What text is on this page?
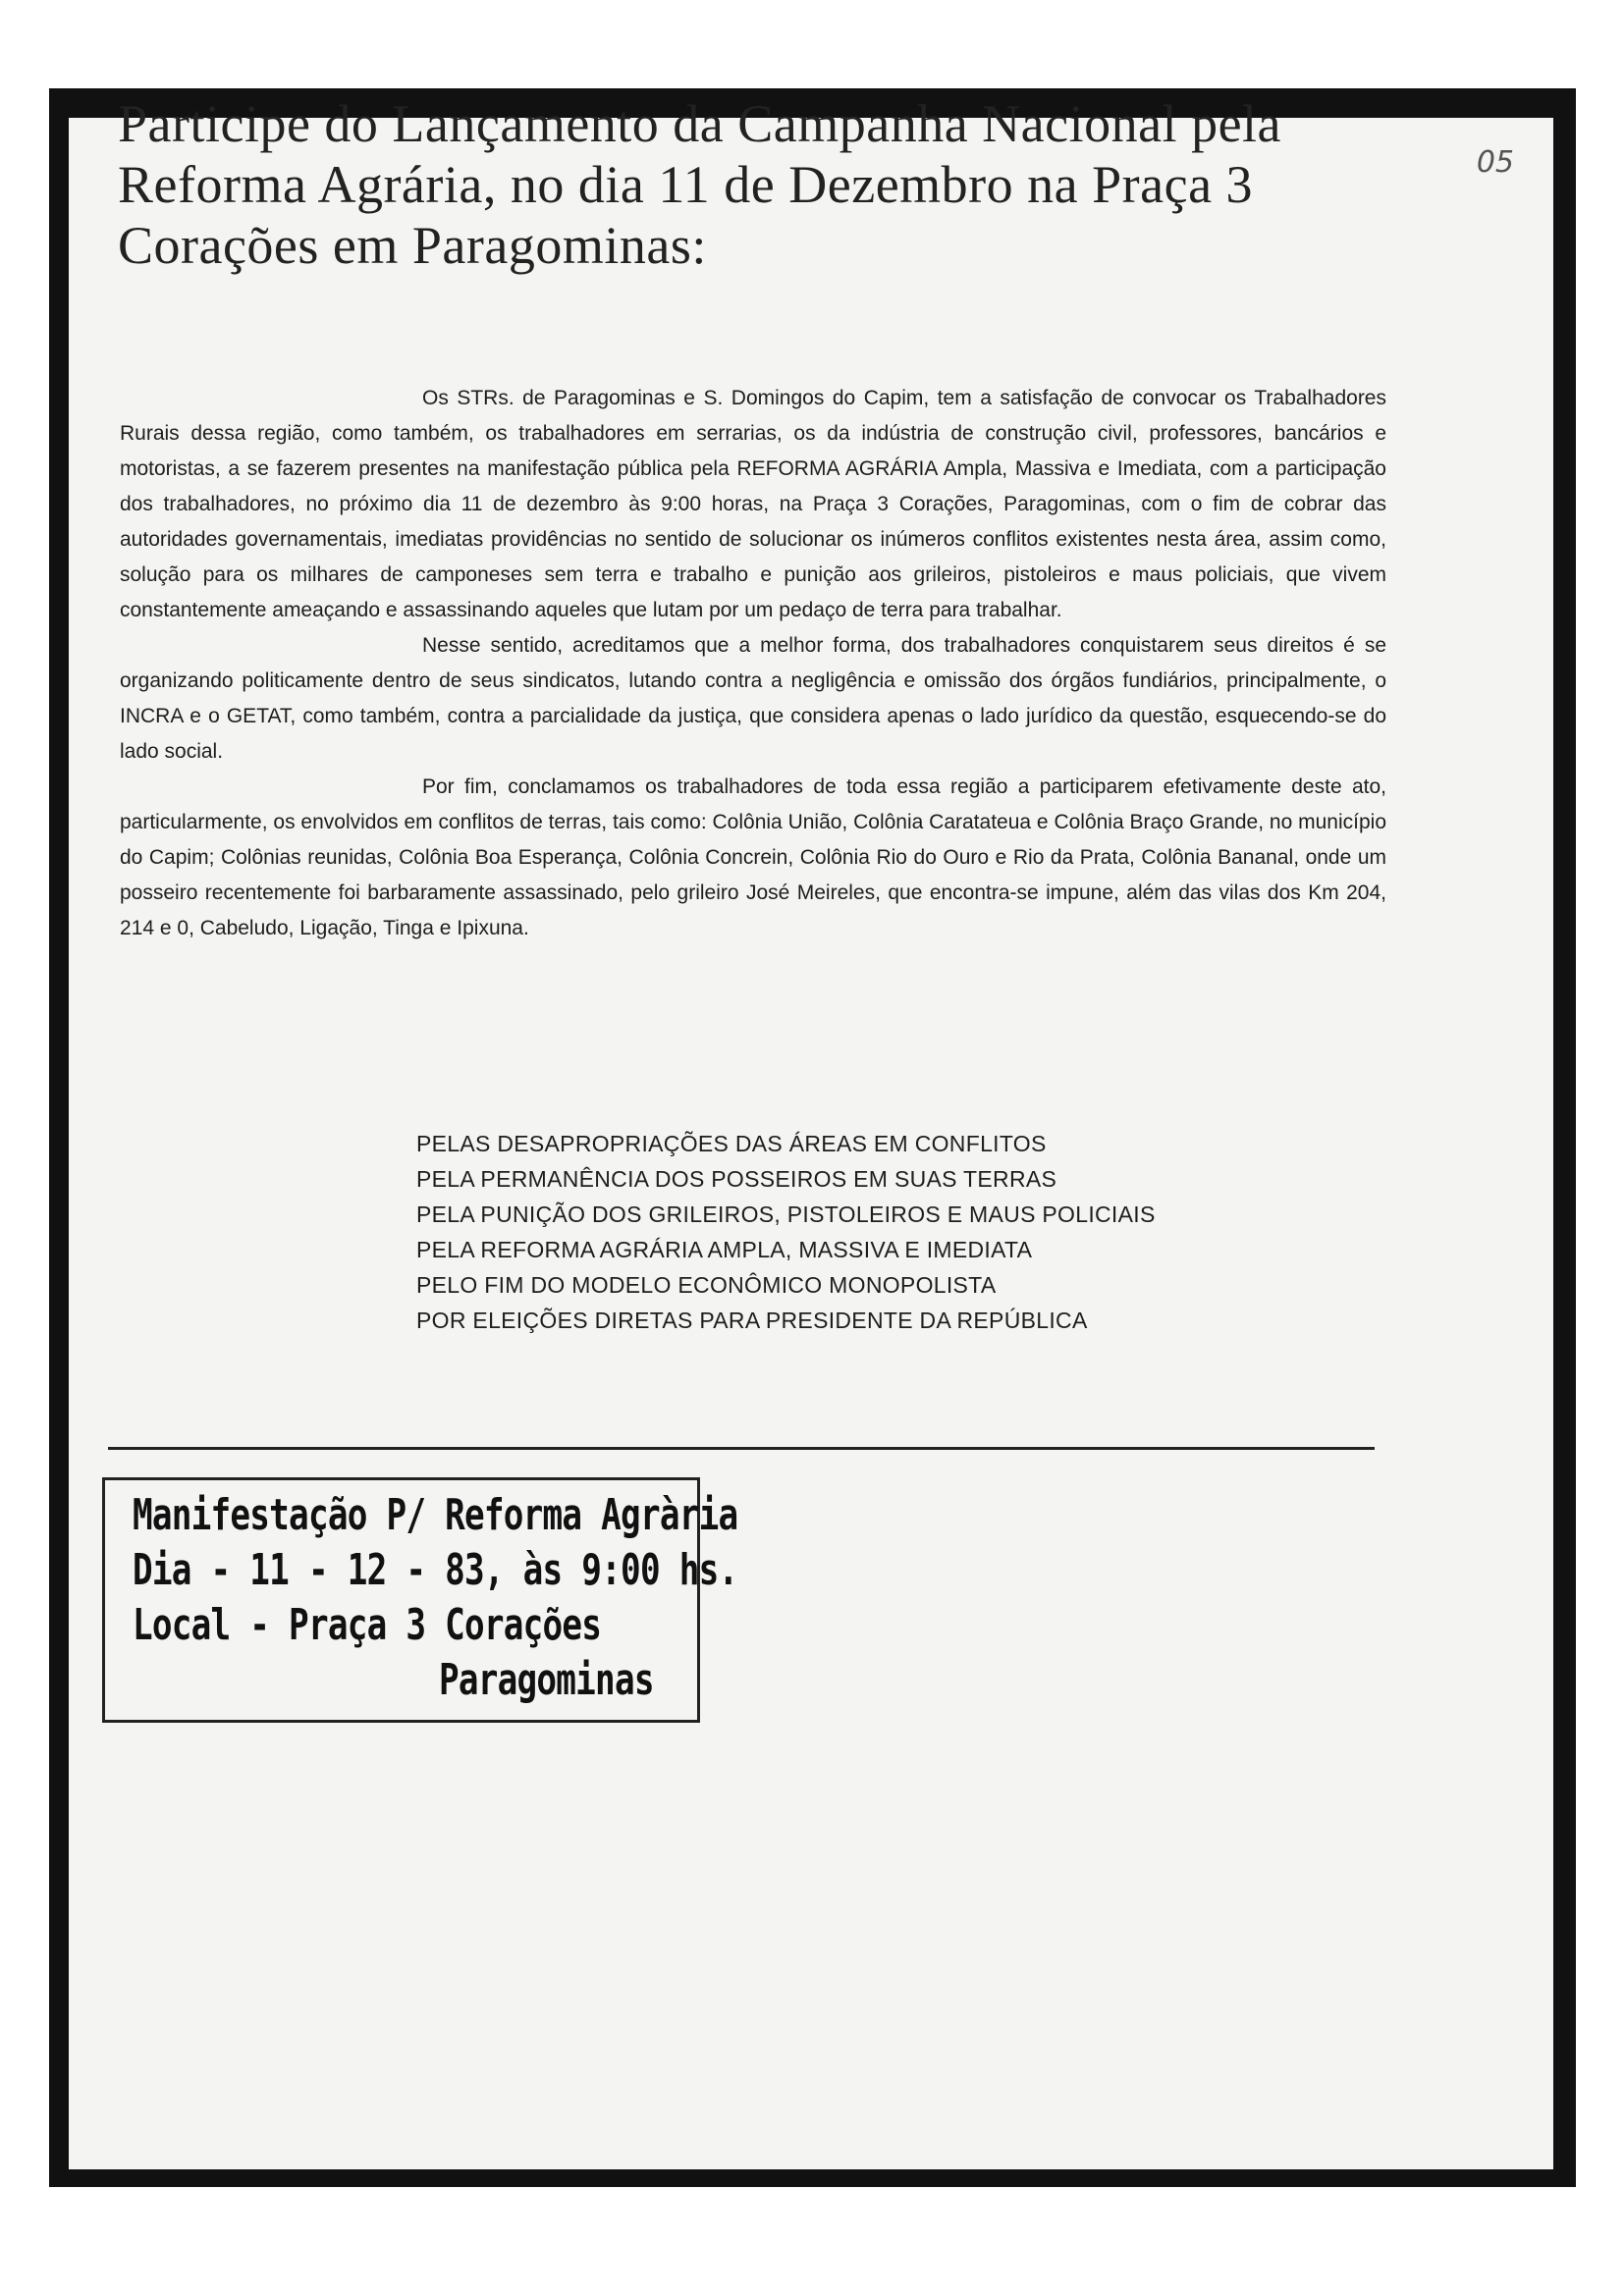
05
Participe do Lançamento da Campanha Nacional pela Reforma Agrária, no dia 11 de Dezembro na Praça 3 Corações em Paragominas:

Os STRs. de Paragominas e S. Domingos do Capim, tem a satisfação de convocar os Trabalhadores Rurais dessa região, como também, os trabalhadores em serrarias, os da indústria de construção civil, professores, bancários e motoristas, a se fazerem presentes na manifestação pública pela REFORMA AGRÁRIA Ampla, Massiva e Imediata, com a participação dos trabalhadores, no próximo dia 11 de dezembro às 9:00 horas, na Praça 3 Corações, Paragominas, com o fim de cobrar das autoridades governamentais, imediatas providências no sentido de solucionar os inúmeros conflitos existentes nesta área, assim como, solução para os milhares de camponeses sem terra e trabalho e punição aos grileiros, pistoleiros e maus policiais, que vivem constantemente ameaçando e assassinando aqueles que lutam por um pedaço de terra para trabalhar.

Nesse sentido, acreditamos que a melhor forma, dos trabalhadores conquistarem seus direitos é se organizando politicamente dentro de seus sindicatos, lutando contra a negligência e omissão dos órgãos fundiários, principalmente, o INCRA e o GETAT, como também, contra a parcialidade da justiça, que considera apenas o lado jurídico da questão, esquecendo-se do lado social.

Por fim, conclamamos os trabalhadores de toda essa região a participarem efetivamente deste ato, particularmente, os envolvidos em conflitos de terras, tais como: Colônia União, Colônia Caratateua e Colônia Braço Grande, no município do Capim; Colônias reunidas, Colônia Boa Esperança, Colônia Concrein, Colônia Rio do Ouro e Rio da Prata, Colônia Bananal, onde um posseiro recentemente foi barbaramente assassinado, pelo grileiro José Meireles, que encontra-se impune, além das vilas dos Km 204, 214 e 0, Cabeludo, Ligação, Tinga e Ipixuna.

PELAS DESAPROPRIAÇÕES DAS ÁREAS EM CONFLITOS
PELA PERMANÊNCIA DOS POSSEIROS EM SUAS TERRAS
PELA PUNIÇÃO DOS GRILEIROS, PISTOLEIROS E MAUS POLICIAIS
PELA REFORMA AGRÁRIA AMPLA, MASSIVA E IMEDIATA
PELO FIM DO MODELO ECONÔMICO MONOPOLISTA
POR ELEIÇÕES DIRETAS PARA PRESIDENTE DA REPÚBLICA
Manifestação P/ Reforma Agrària
Dia - 11 - 12 - 83, às 9:00 hs.
Local - Praça 3 Corações
Paragominas
